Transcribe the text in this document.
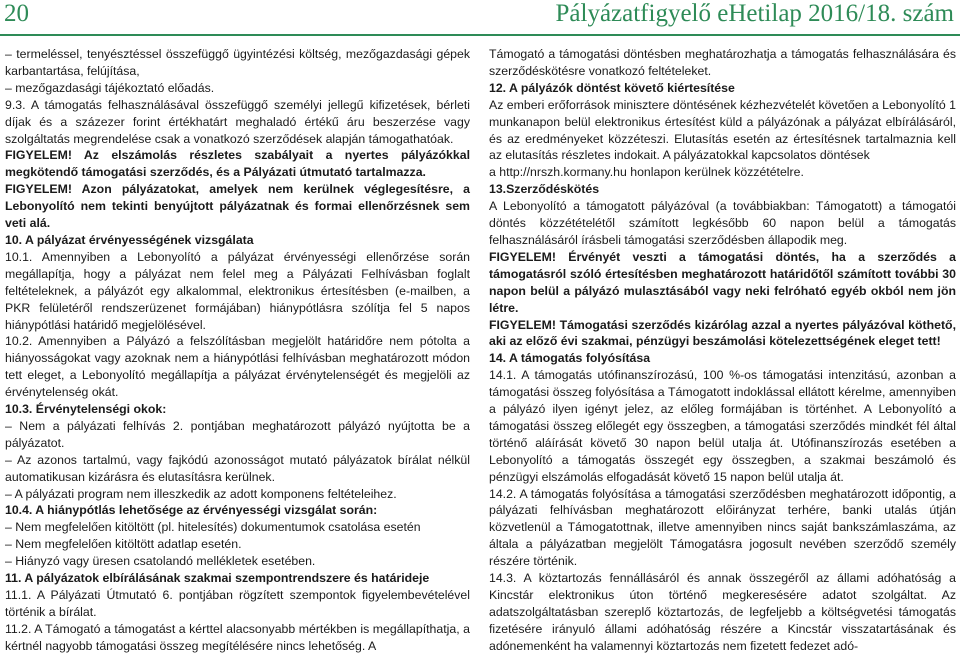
20	Pályázatfigyelő eHetilap 2016/18. szám

– termeléssel, tenyésztéssel összefüggő ügyintézési költség, mezőgazdasági gépek karbantartása, felújítása,

– mezőgazdasági tájékoztató előadás.

9.3. A támogatás felhasználásával összefüggő személyi jellegű kifizetések, bérleti díjak és a százezer forint értékhatárt meghaladó értékű áru beszerzése vagy szolgáltatás megrendelése csak a vonatkozó szerződések alapján támogathatóak.

FIGYELEM! Az elszámolás részletes szabályait a nyertes pályázókkal megkötendő támogatási szerződés, és a Pályázati útmutató tartalmazza.

FIGYELEM! Azon pályázatokat, amelyek nem kerülnek véglegesítésre, a Lebonyolító nem tekinti benyújtott pályázatnak és formai ellenőrzésnek sem veti alá.

10. A pályázat érvényességének vizsgálata

10.1. Amennyiben a Lebonyolító a pályázat érvényességi ellenőrzése során megállapítja, hogy a pályázat nem felel meg a Pályázati Felhívásban foglalt feltételeknek, a pályázót egy alkalommal, elektronikus értesítésben (e-mailben, a PKR felületéről rendszerüzenet formájában) hiánypótlásra szólítja fel 5 napos hiánypótlási határidő megjelölésével.

10.2. Amennyiben a Pályázó a felszólításban megjelölt határidőre nem pótolta a hiányosságokat vagy azoknak nem a hiánypótlási felhívásban meghatározott módon tett eleget, a Lebonyolító megállapítja a pályázat érvénytelenségét és megjelöli az érvénytelenség okát.

10.3. Érvénytelenségi okok:

– Nem a pályázati felhívás 2. pontjában meghatározott pályázó nyújtotta be a pályázatot.

– Az azonos tartalmú, vagy fajkódú azonosságot mutató pályázatok bírálat nélkül automatikusan kizárásra és elutasításra kerülnek.

– A pályázati program nem illeszkedik az adott komponens feltételeihez.

10.4. A hiánypótlás lehetősége az érvényességi vizsgálat során:

– Nem megfelelően kitöltött (pl. hitelesítés) dokumentumok csatolása esetén

– Nem megfelelően kitöltött adatlap esetén.

– Hiányzó vagy üresen csatolandó mellékletek esetében.

11. A pályázatok elbírálásának szakmai szempontrendszere és határideje

11.1. A Pályázati Útmutató 6. pontjában rögzített szempontok figyelembevételével történik a bírálat.

11.2. A Támogató a támogatást a kérttel alacsonyabb mértékben is megállapíthatja, a kértnél nagyobb támogatási összeg megítélésére nincs lehetőség. A

Támogató a támogatási döntésben meghatározhatja a támogatás felhasználására és szerződéskötésre vonatkozó feltételeket.

12. A pályázók döntést követő kiértesítése

Az emberi erőforrások minisztere döntésének kézhezvételét követően a Lebonyolító 1 munkanapon belül elektronikus értesítést küld a pályázónak a pályázat elbírálásáról, és az eredményeket közzéteszi. Elutasítás esetén az értesítésnek tartalmaznia kell az elutasítás részletes indokait. A pályázatokkal kapcsolatos döntések

a http://nrszh.kormany.hu honlapon kerülnek közzétételre.

13.Szerződéskötés

A Lebonyolító a támogatott pályázóval (a továbbiakban: Támogatott) a támogatói döntés közzétételétől számított legkésőbb 60 napon belül a támogatás felhasználásáról írásbeli támogatási szerződésben állapodik meg.

FIGYELEM! Érvényét veszti a támogatási döntés, ha a szerződés a támogatásról szóló értesítésben meghatározott határidőtől számított további 30 napon belül a pályázó mulasztásából vagy neki felróható egyéb okból nem jön létre.

FIGYELEM! Támogatási szerződés kizárólag azzal a nyertes pályázóval köthető, aki az előző évi szakmai, pénzügyi beszámolási kötelezettségének eleget tett!

14. A támogatás folyósítása

14.1. A támogatás utófinanszírozású, 100 %-os támogatási intenzitású, azonban a támogatási összeg folyósítása a Támogatott indoklással ellátott kérelme, amennyiben a pályázó ilyen igényt jelez, az előleg formájában is történhet. A Lebonyolító a támogatási összeg előlegét egy összegben, a támogatási szerződés mindkét fél által történő aláírását követő 30 napon belül utalja át. Utófinanszírozás esetében a Lebonyolító a támogatás összegét egy összegben, a szakmai beszámoló és pénzügyi elszámolás elfogadását követő 15 napon belül utalja át.

14.2. A támogatás folyósítása a támogatási szerződésben meghatározott időpontig, a pályázati felhívásban meghatározott előirányzat terhére, banki utalás útján közvetlenül a Támogatottnak, illetve amennyiben nincs saját bankszámlaszáma, az általa a pályázatban megjelölt Támogatásra jogosult nevében szerződő személy részére történik.

14.3. A köztartozás fennállásáról és annak összegéről az állami adóhatóság a Kincstár elektronikus úton történő megkeresésére adatot szolgáltat. Az adatszolgáltatásban szereplő köztartozás, de legfeljebb a költségvetési támogatás fizetésére irányuló állami adóhatóság részére a Kincstár visszatartásának és adónemenként ha valamennyi köztartozás nem fizetett fedezet adó-
